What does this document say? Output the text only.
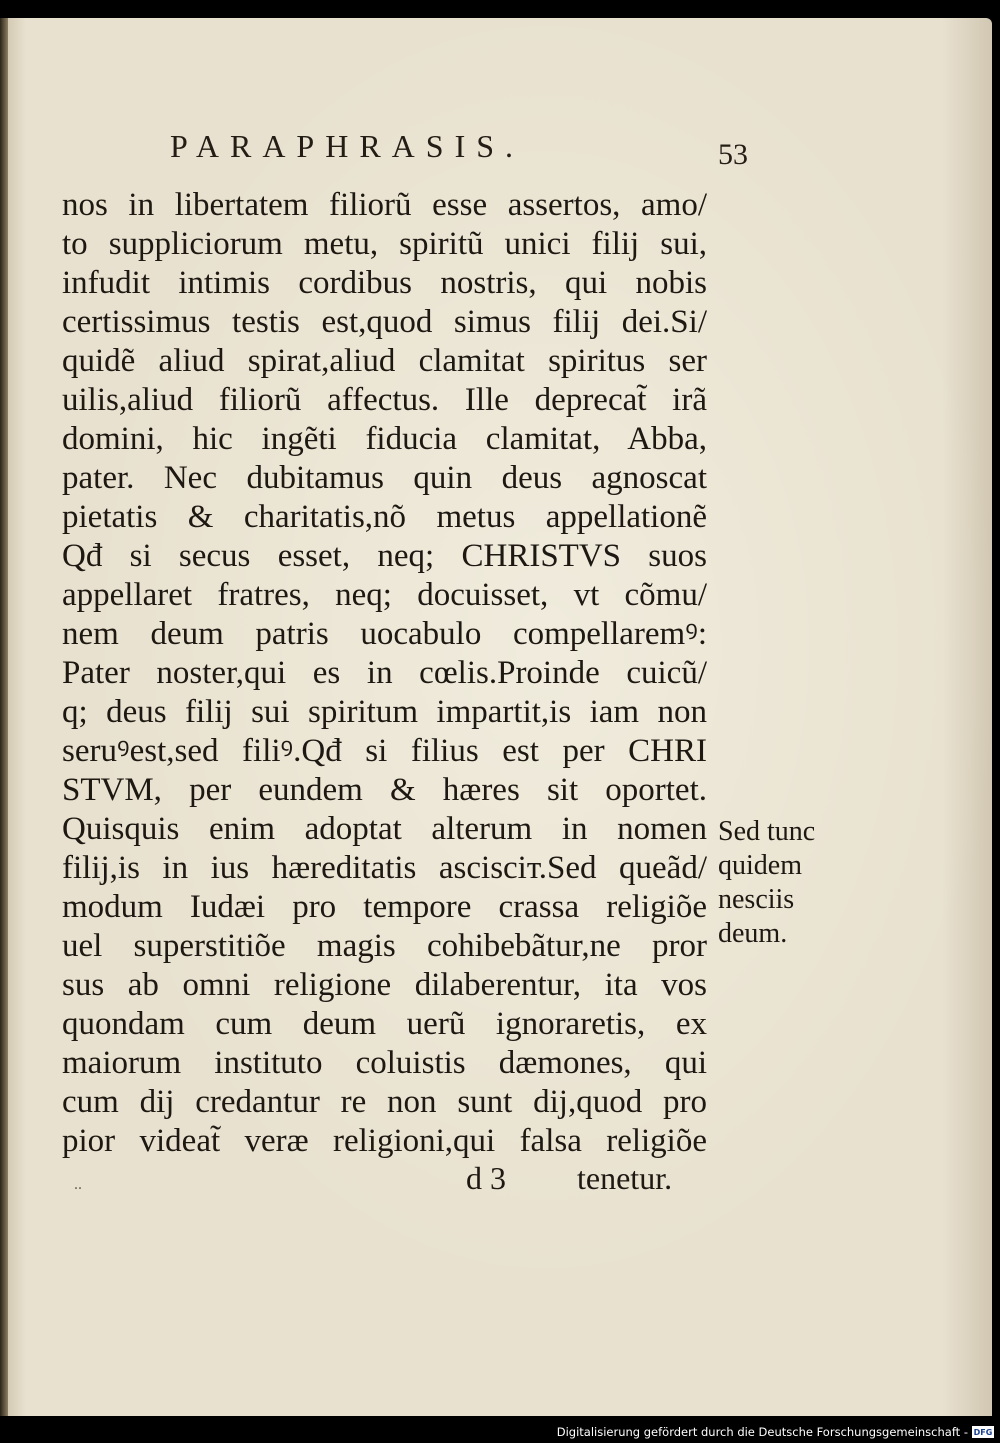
PARAPHRASIS.	53
nos in libertatem filiorũ esse assertos, amo/
to suppliciorum metu, spiritũ unici filij sui,
infudit intimis cordibus nostris, qui nobis
certissimus testis est,quod simus filij dei.Si/
quidẽ aliud spirat,aliud clamitat spiritus ser
uilis,aliud filiorũ affectus. Ille deprecat̃ irã
domini, hic ingẽti fiducia clamitat, Abba,
pater. Nec dubitamus quin deus agnoscat
pietatis & charitatis,nõ metus appellationẽ
Qđ si secus esset, neq; CHRISTVS suos
appellaret fratres, neq; docuisset, vt cõmu/
nem deum patris uocabulo compellaremꝰ:
Pater noster,qui es in cœlis.Proinde cuicũ/
q; deus filij sui spiritum impartit,is iam non
seruꝰest,sed filiꝰ.Qđ si filius est per CHRI
STVM, per eundem & hæres sit oportet.
Quisquis enim adoptat alterum in nomen
filij,is in ius hæreditatis ascisciт.Sed queãd/
modum Iudæi pro tempore crassa religiõe
uel superstitiõe magis cohibebãtur,ne pror
sus ab omni religione dilaberentur, ita vos
quondam cum deum uerũ ignoraretis, ex
maiorum instituto coluistis dæmones, qui
cum dij credantur re non sunt dij,quod pro
pior videat̃ veræ religioni,qui falsa religiõe
Sed tunc
quidem
nesciis
deum.
..	d 3 tenetur.
Digitalisierung gefördert durch die Deutsche Forschungsgemeinschaft - DFG
